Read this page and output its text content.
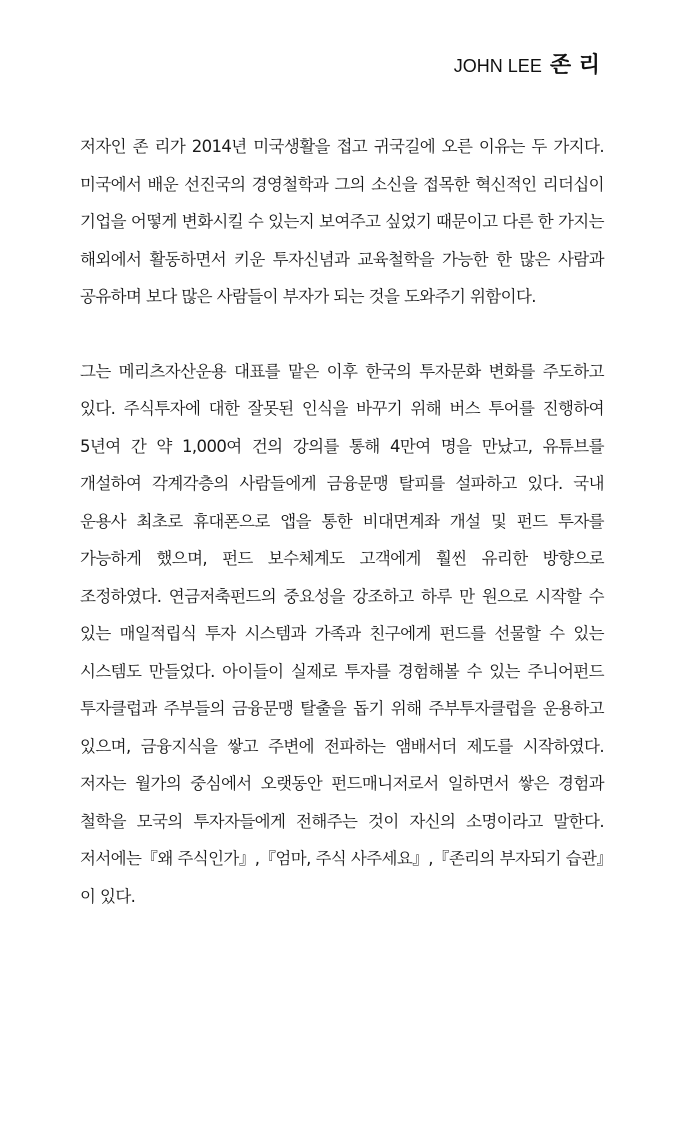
JOHN LEE 존 리

저자인 존 리가 2014년 미국생활을 접고 귀국길에 오른 이유는 두 가지다. 미국에서 배운 선진국의 경영철학과 그의 소신을 접목한 혁신적인 리더십이 기업을 어떻게 변화시킬 수 있는지 보여주고 싶었기 때문이고 다른 한 가지는 해외에서 활동하면서 키운 투자신념과 교육철학을 가능한 한 많은 사람과 공유하며 보다 많은 사람들이 부자가 되는 것을 도와주기 위함이다.

그는 메리츠자산운용 대표를 맡은 이후 한국의 투자문화 변화를 주도하고 있다. 주식투자에 대한 잘못된 인식을 바꾸기 위해 버스 투어를 진행하여 5년여 간 약 1,000여 건의 강의를 통해 4만여 명을 만났고, 유튜브를 개설하여 각계각층의 사람들에게 금융문맹 탈피를 설파하고 있다. 국내 운용사 최초로 휴대폰으로 앱을 통한 비대면계좌 개설 및 펀드 투자를 가능하게 했으며, 펀드 보수체계도 고객에게 훨씬 유리한 방향으로 조정하였다. 연금저축펀드의 중요성을 강조하고 하루 만 원으로 시작할 수 있는 매일적립식 투자 시스템과 가족과 친구에게 펀드를 선물할 수 있는 시스템도 만들었다. 아이들이 실제로 투자를 경험해볼 수 있는 주니어펀드 투자클럽과 주부들의 금융문맹 탈출을 돕기 위해 주부투자클럽을 운용하고 있으며, 금융지식을 쌓고 주변에 전파하는 앰배서더 제도를 시작하였다. 저자는 월가의 중심에서 오랫동안 펀드매니저로서 일하면서 쌓은 경험과 철학을 모국의 투자자들에게 전해주는 것이 자신의 소명이라고 말한다. 저서에는『왜 주식인가』,『엄마, 주식 사주세요』,『존리의 부자되기 습관』이 있다.
